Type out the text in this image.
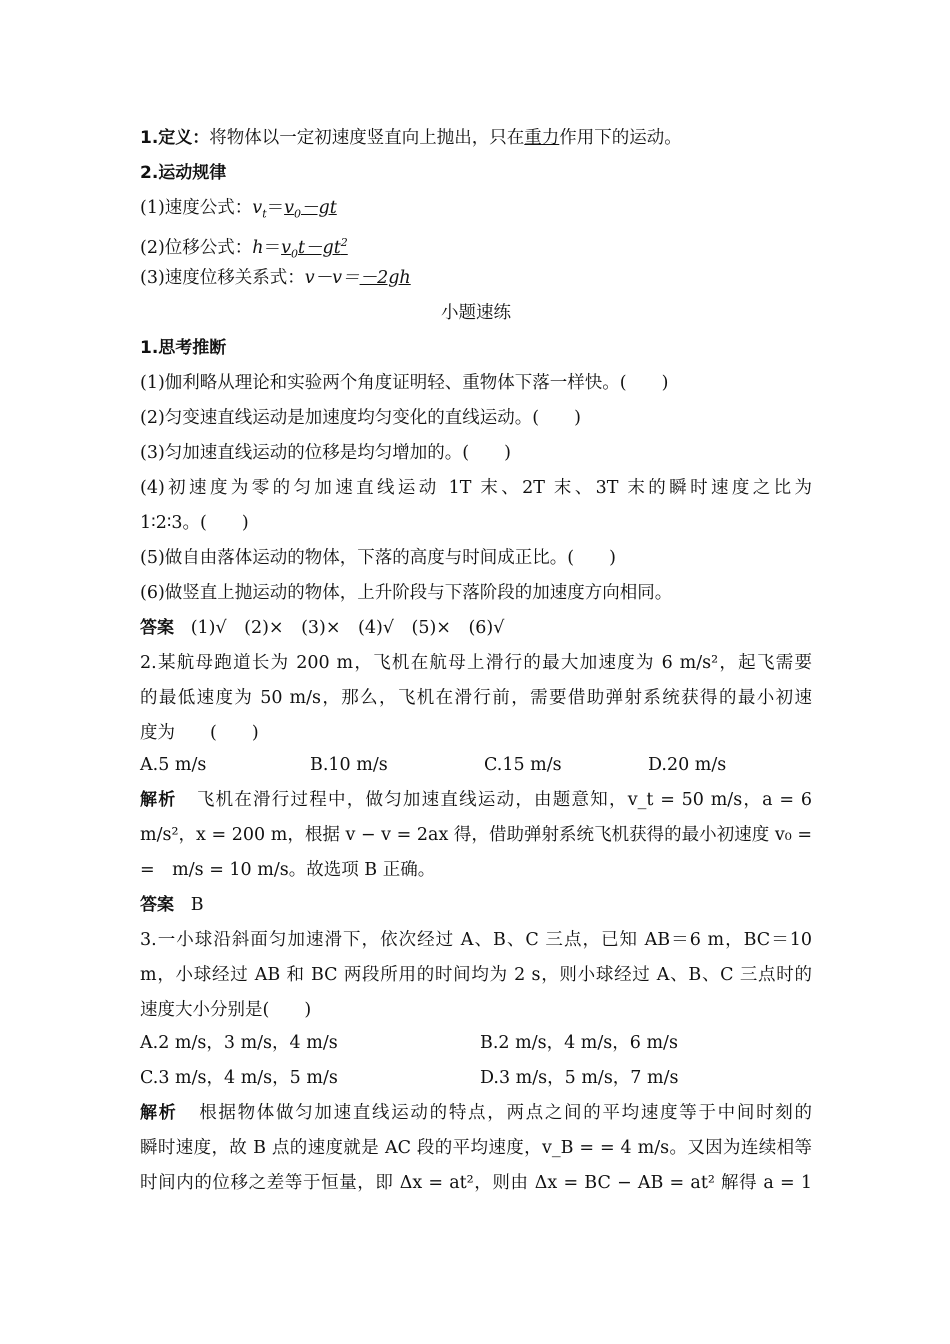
1.定义：将物体以一定初速度竖直向上抛出，只在重力作用下的运动。
2.运动规律
(1)速度公式：$v_t=v_0-gt$
(2)位移公式：$h=v_0t-gt^2$
(3)速度位移关系式：v－v＝－2gh
小题速练
1.思考推断
(1)伽利略从理论和实验两个角度证明轻、重物体下落一样快。(　　)
(2)匀变速直线运动是加速度均匀变化的直线运动。(　　)
(3)匀加速直线运动的位移是均匀增加的。(　　)
(4)初速度为零的匀加速直线运动 1T 末、2T 末、3T 末的瞬时速度之比为
1∶2∶3。(　　)
(5)做自由落体运动的物体，下落的高度与时间成正比。(　　)
(6)做竖直上抛运动的物体，上升阶段与下落阶段的加速度方向相同。
答案 (1)√　(2)×　(3)×　(4)√　(5)×　(6)√
2.某航母跑道长为 200 m，飞机在航母上滑行的最大加速度为 6 m/s²，起飞需要
的最低速度为 50 m/s，那么，飞机在滑行前，需要借助弹射系统获得的最小初速
度为　　(　　)
A.5 m/s	B.10 m/s	C.15 m/s	D.20 m/s
解析 飞机在滑行过程中，做匀加速直线运动，由题意知，v_t = 50 m/s，a = 6
m/s²，x = 200 m，根据 v − v = 2ax 得，借助弹射系统飞机获得的最小初速度 v₀ =
=　m/s = 10 m/s。故选项 B 正确。
答案 B
3.一小球沿斜面匀加速滑下，依次经过 A、B、C 三点，已知 AB＝6 m，BC＝10
m，小球经过 AB 和 BC 两段所用的时间均为 2 s，则小球经过 A、B、C 三点时的
速度大小分别是(　　)
A.2 m/s，3 m/s，4 m/s	B.2 m/s，4 m/s，6 m/s
C.3 m/s，4 m/s，5 m/s	D.3 m/s，5 m/s，7 m/s
解析 根据物体做匀加速直线运动的特点，两点之间的平均速度等于中间时刻的
瞬时速度，故 B 点的速度就是 AC 段的平均速度，v_B = = 4 m/s。又因为连续相等
时间内的位移之差等于恒量，即 Δx = at²，则由 Δx = BC − AB = at² 解得 a = 1
